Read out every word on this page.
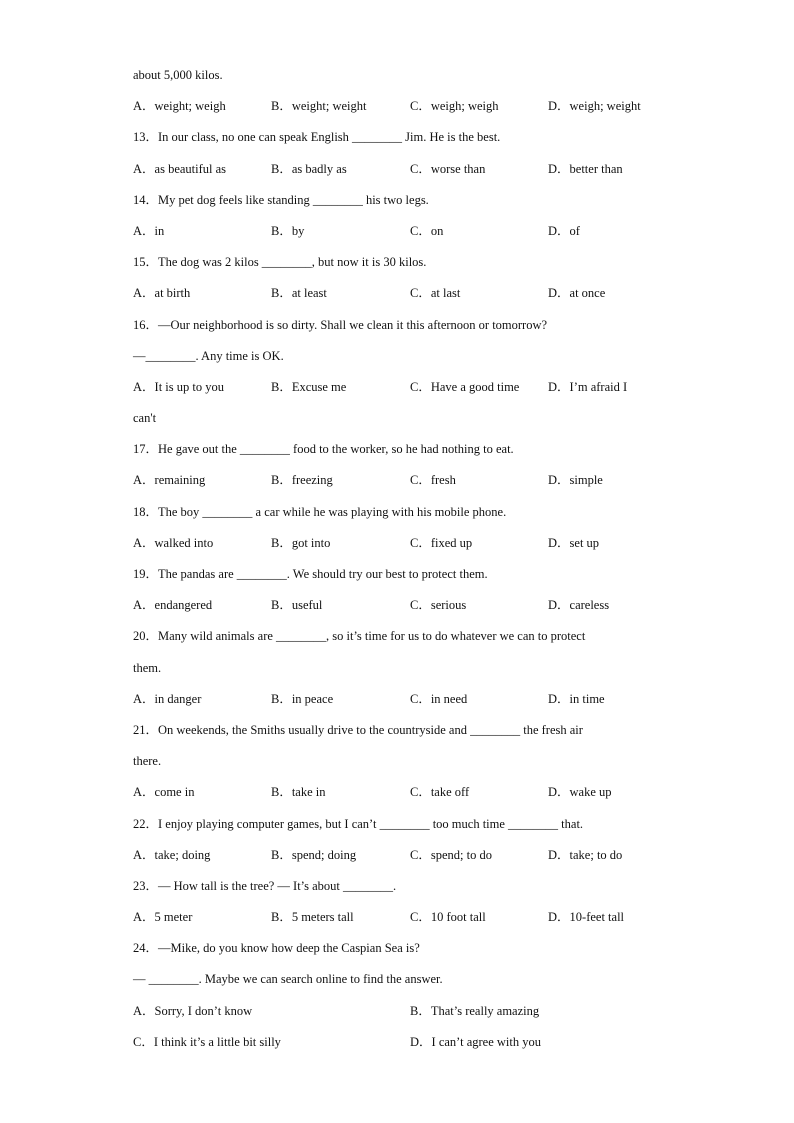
about 5,000 kilos.
A．weight; weigh	B．weight; weight	C．weigh; weigh	D．weigh; weight
13．In our class, no one can speak English ________ Jim. He is the best.
A．as beautiful as	B．as badly as	C．worse than	D．better than
14．My pet dog feels like standing ________ his two legs.
A．in	B．by	C．on	D．of
15．The dog was 2 kilos ________, but now it is 30 kilos.
A．at birth	B．at least	C．at last	D．at once
16．—Our neighborhood is so dirty. Shall we clean it this afternoon or tomorrow?
—________. Any time is OK.
A．It is up to you	B．Excuse me	C．Have a good time D．I’m afraid I
can't
17．He gave out the ________ food to the worker, so he had nothing to eat.
A．remaining	B．freezing	C．fresh	D．simple
18．The boy ________ a car while he was playing with his mobile phone.
A．walked into	B．got into	C．fixed up	D．set up
19．The pandas are ________. We should try our best to protect them.
A．endangered	B．useful	C．serious	D．careless
20．Many wild animals are ________, so it’s time for us to do whatever we can to protect
them.
A．in danger	B．in peace	C．in need	D．in time
21．On weekends, the Smiths usually drive to the countryside and ________ the fresh air
there.
A．come in	B．take in	C．take off	D．wake up
22．I enjoy playing computer games, but I can’t ________ too much time ________ that.
A．take; doing	B．spend; doing	C．spend; to do	D．take; to do
23．— How tall is the tree? — It’s about ________.
A．5 meter	B．5 meters tall	C．10 foot tall	D．10-feet tall
24．—Mike, do you know how deep the Caspian Sea is?
— ________. Maybe we can search online to find the answer.
A．Sorry, I don’t know	B．That’s really amazing
C．I think it’s a little bit silly	D．I can’t agree with you
